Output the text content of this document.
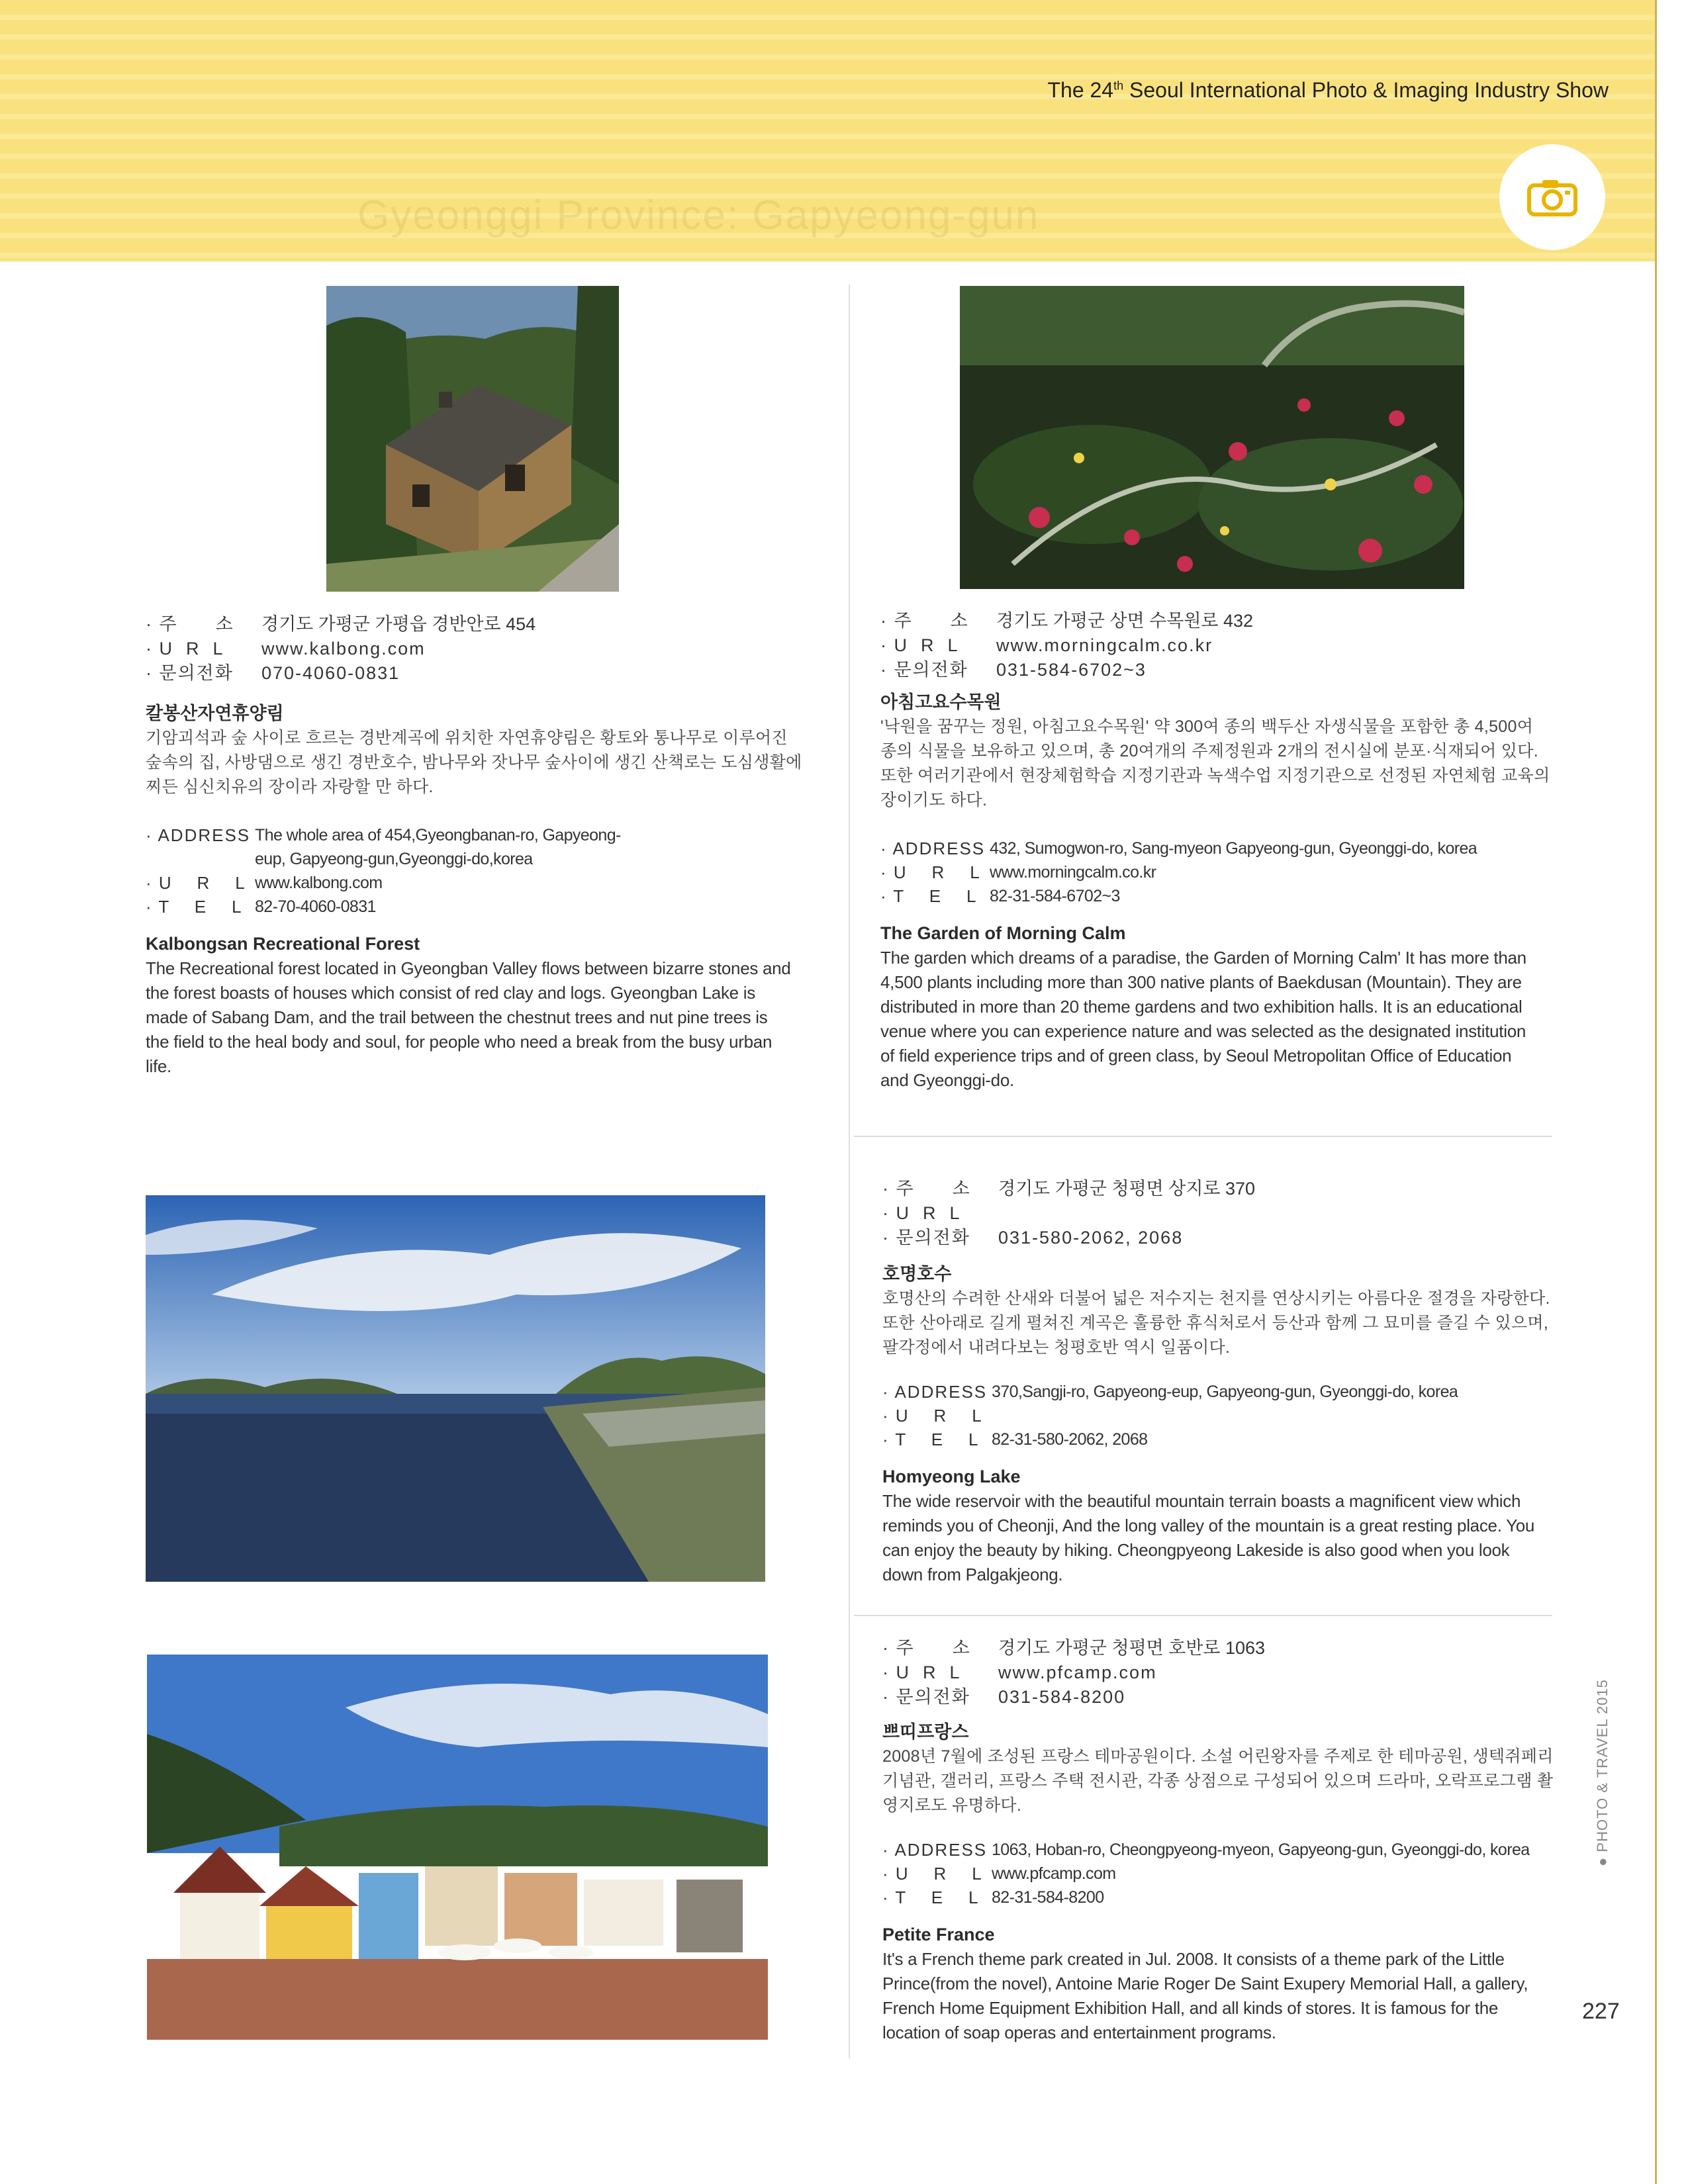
Gyeonggi Province: Gapyeong-gun
The 24th Seoul International Photo & Imaging Industry Show
· 주      소	경기도 가평군 가평읍 경반안로 454
· U  R  L	www.kalbong.com
· 문의전화	070-4060-0831
칼봉산자연휴양림
기암괴석과 숲 사이로 흐르는 경반계곡에 위치한 자연휴양림은 황토와 통나무로 이루어진 숲속의 집, 사방댐으로 생긴 경반호수, 밤나무와 잣나무 숲사이에 생긴 산책로는 도심생활에 찌든 심신치유의 장이라 자랑할 만 하다.
· ADDRESS The whole area of 454,Gyeongbanan-ro, Gapyeong-eup, Gapyeong-gun,Gyeonggi-do,korea
· U    R    L www.kalbong.com
· T    E    L 82-70-4060-0831
Kalbongsan Recreational Forest
The Recreational forest located in Gyeongban Valley flows between bizarre stones and the forest boasts of houses which consist of red clay and logs. Gyeongban Lake is made of Sabang Dam, and the trail between the chestnut trees and nut pine trees is the field to the heal body and soul, for people who need a break from the busy urban life.
· 주      소	경기도 가평군 상면 수목원로 432
· U  R  L	www.morningcalm.co.kr
· 문의전화	031-584-6702~3
아침고요수목원
'낙원을 꿈꾸는 정원, 아침고요수목원' 약 300여 종의 백두산 자생식물을 포함한 총 4,500여 종의 식물을 보유하고 있으며, 총 20여개의 주제정원과 2개의 전시실에 분포·식재되어 있다. 또한 여러기관에서 현장체험학습 지정기관과 녹색수업 지정기관으로 선정된 자연체험 교육의 장이기도 하다.
· ADDRESS 432, Sumogwon-ro, Sang-myeon Gapyeong-gun, Gyeonggi-do, korea
· U    R    L www.morningcalm.co.kr
· T    E    L 82-31-584-6702~3
The Garden of Morning Calm
The garden which dreams of a paradise, the Garden of Morning Calm' It has more than 4,500 plants including more than 300 native plants of Baekdusan (Mountain). They are distributed in more than 20 theme gardens and two exhibition halls. It is an educational venue where you can experience nature and was selected as the designated institution of field experience trips and of green class, by Seoul Metropolitan Office of Education and Gyeonggi-do.
· 주      소	경기도 가평군 청평면 상지로 370
· U  R  L
· 문의전화	031-580-2062, 2068
호명호수
호명산의 수려한 산새와 더불어 넓은 저수지는 천지를 연상시키는 아름다운 절경을 자랑한다. 또한 산아래로 길게 펼쳐진 계곡은 훌륭한 휴식처로서 등산과 함께 그 묘미를 즐길 수 있으며, 팔각정에서 내려다보는 청평호반 역시 일품이다.
· ADDRESS 370,Sangji-ro, Gapyeong-eup, Gapyeong-gun, Gyeonggi-do, korea
· U    R    L
· T    E    L 82-31-580-2062, 2068
Homyeong Lake
The wide reservoir with the beautiful mountain terrain boasts a magnificent view which reminds you of Cheonji, And the long valley of the mountain is a great resting place. You can enjoy the beauty by hiking. Cheongpyeong Lakeside is also good when you look down from Palgakjeong.
· 주      소	경기도 가평군 청평면 호반로 1063
· U  R  L	www.pfcamp.com
· 문의전화	031-584-8200
쁘띠프랑스
2008년 7월에 조성된 프랑스 테마공원이다. 소설 어린왕자를 주제로 한 테마공원, 생텍쥐페리 기념관, 갤러리, 프랑스 주택 전시관, 각종 상점으로 구성되어 있으며 드라마, 오락프로그램 촬영지로도 유명하다.
· ADDRESS 1063, Hoban-ro, Cheongpyeong-myeon, Gapyeong-gun, Gyeonggi-do, korea
· U    R    L www.pfcamp.com
· T    E    L 82-31-584-8200
Petite France
It's a French theme park created in Jul. 2008. It consists of a theme park of the Little Prince(from the novel), Antoine Marie Roger De Saint Exupery Memorial Hall, a gallery, French Home Equipment Exhibition Hall, and all kinds of stores. It is famous for the location of soap operas and entertainment programs.
● PHOTO & TRAVEL 2015
227
